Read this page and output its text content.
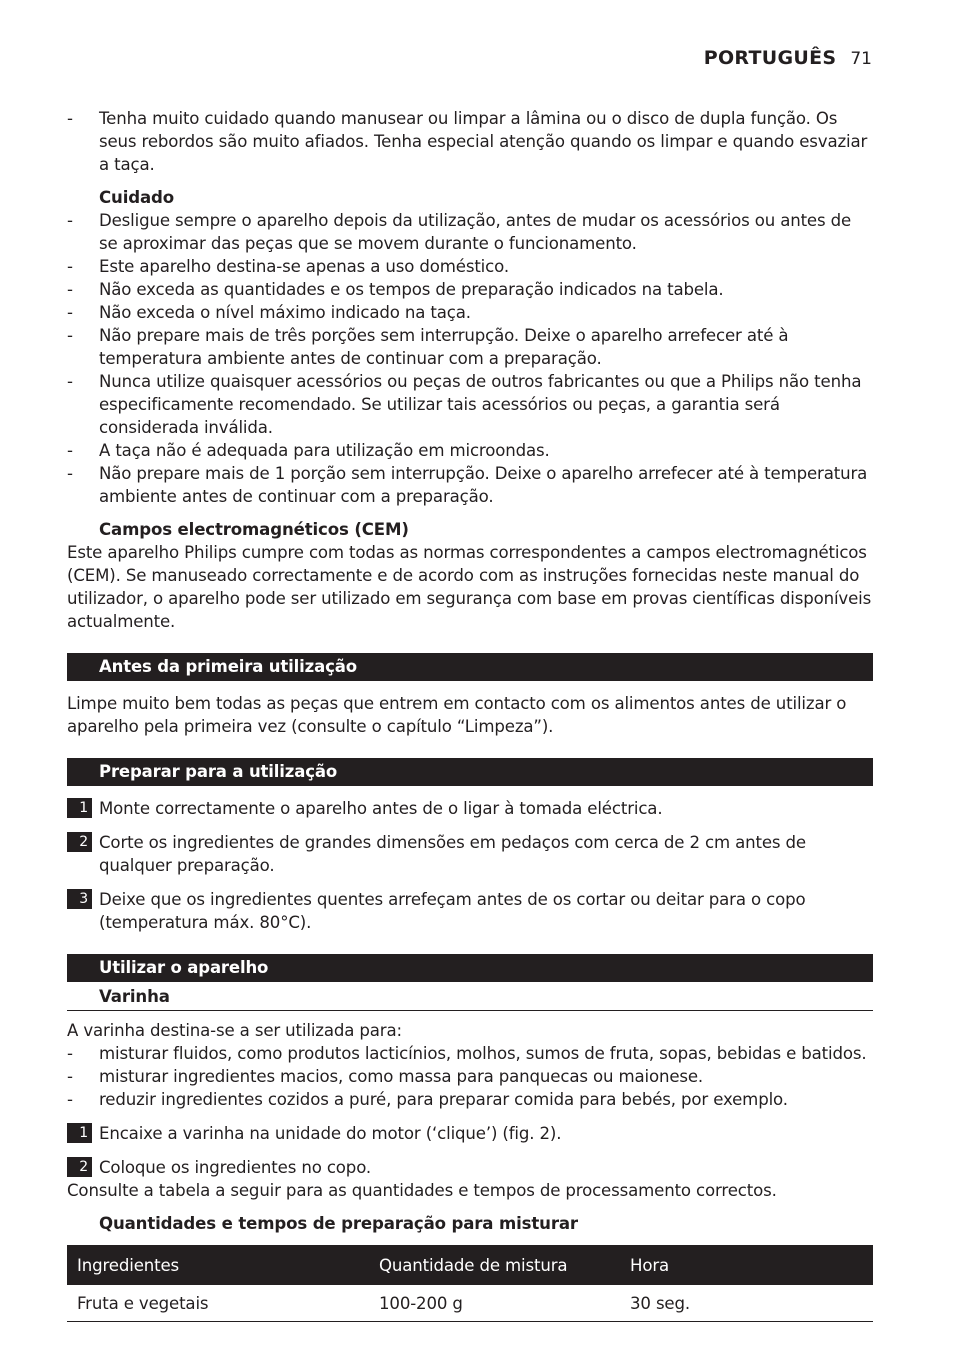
PORTUGUÊS 71
- Tenha muito cuidado quando manusear ou limpar a lâmina ou o disco de dupla função. Os seus rebordos são muito afiados. Tenha especial atenção quando os limpar e quando esvaziar a taça.
Cuidado
- Desligue sempre o aparelho depois da utilização, antes de mudar os acessórios ou antes de se aproximar das peças que se movem durante o funcionamento.
- Este aparelho destina-se apenas a uso doméstico.
- Não exceda as quantidades e os tempos de preparação indicados na tabela.
- Não exceda o nível máximo indicado na taça.
- Não prepare mais de três porções sem interrupção. Deixe o aparelho arrefecer até à temperatura ambiente antes de continuar com a preparação.
- Nunca utilize quaisquer acessórios ou peças de outros fabricantes ou que a Philips não tenha especificamente recomendado. Se utilizar tais acessórios ou peças, a garantia será considerada inválida.
- A taça não é adequada para utilização em microondas.
- Não prepare mais de 1 porção sem interrupção. Deixe o aparelho arrefecer até à temperatura ambiente antes de continuar com a preparação.
Campos electromagnéticos (CEM)

Este aparelho Philips cumpre com todas as normas correspondentes a campos electromagnéticos (CEM). Se manuseado correctamente e de acordo com as instruções fornecidas neste manual do utilizador, o aparelho pode ser utilizado em segurança com base em provas científicas disponíveis actualmente.

Antes da primeira utilização

Limpe muito bem todas as peças que entrem em contacto com os alimentos antes de utilizar o aparelho pela primeira vez (consulte o capítulo “Limpeza”).

Preparar para a utilização
1 Monte correctamente o aparelho antes de o ligar à tomada eléctrica.
2 Corte os ingredientes de grandes dimensões em pedaços com cerca de 2 cm antes de qualquer preparação.
3 Deixe que os ingredientes quentes arrefeçam antes de os cortar ou deitar para o copo (temperatura máx. 80°C).
Utilizar o aparelho
Varinha

A varinha destina-se a ser utilizada para:

- misturar fluidos, como produtos lacticínios, molhos, sumos de fruta, sopas, bebidas e batidos.
- misturar ingredientes macios, como massa para panquecas ou maionese.
- reduzir ingredientes cozidos a puré, para preparar comida para bebés, por exemplo.
1 Encaixe a varinha na unidade do motor (‘clique’) (fig. 2).
2 Coloque os ingredientes no copo.

Consulte a tabela a seguir para as quantidades e tempos de processamento correctos.

Quantidades e tempos de preparação para misturar
Ingredientes	Quantidade de mistura	Hora
Fruta e vegetais	100-200 g	30 seg.
